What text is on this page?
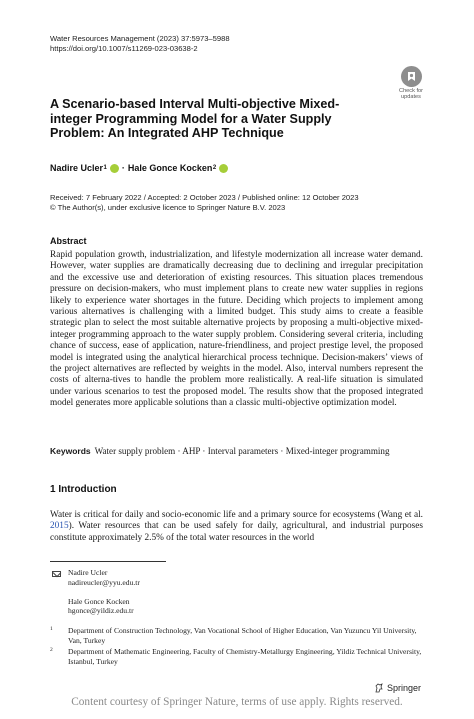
Water Resources Management (2023) 37:5973–5988
https://doi.org/10.1007/s11269-023-03638-2
Check for
updates
A Scenario-based Interval Multi-objective Mixed-integer Programming Model for a Water Supply Problem: An Integrated AHP Technique
Nadire Ucler 1 · Hale Gonce Kocken 2
Received: 7 February 2022 / Accepted: 2 October 2023 / Published online: 12 October 2023
© The Author(s), under exclusive licence to Springer Nature B.V. 2023
Abstract
Rapid population growth, industrialization, and lifestyle modernization all increase water demand. However, water supplies are dramatically decreasing due to declining and irregular precipitation and the excessive use and deterioration of existing resources. This situation places tremendous pressure on decision-makers, who must implement plans to create new water supplies in regions likely to experience water shortages in the future. Deciding which projects to implement among various alternatives is challenging with a limited budget. This study aims to create a feasible strategic plan to select the most suitable alternative projects by proposing a multi-objective mixed-integer programming approach to the water supply problem. Considering several criteria, including chance of success, ease of application, nature-friendliness, and project prestige level, the proposed model is integrated using the analytical hierarchical process technique. Decision-makers’ views of the project alternatives are reflected by weights in the model. Also, interval numbers represent the costs of alterna-tives to handle the problem more realistically. A real-life situation is simulated under various scenarios to test the proposed model. The results show that the proposed integrated model generates more applicable solutions than a classic multi-objective optimization model.
Keywords Water supply problem · AHP · Interval parameters · Mixed-integer programming
1 Introduction
Water is critical for daily and socio-economic life and a primary source for ecosystems (Wang et al. 2015). Water resources that can be used safely for daily, agricultural, and industrial purposes constitute approximately 2.5% of the total water resources in the world
Nadire Ucler
nadireucler@yyu.edu.tr
Hale Gonce Kocken
hgonce@yildiz.edu.tr
1 Department of Construction Technology, Van Vocational School of Higher Education, Van Yuzuncu Yil University, Van, Turkey
2 Department of Mathematic Engineering, Faculty of Chemistry-Metallurgy Engineering, Yildiz Technical University, Istanbul, Turkey
Springer
Content courtesy of Springer Nature, terms of use apply. Rights reserved.
